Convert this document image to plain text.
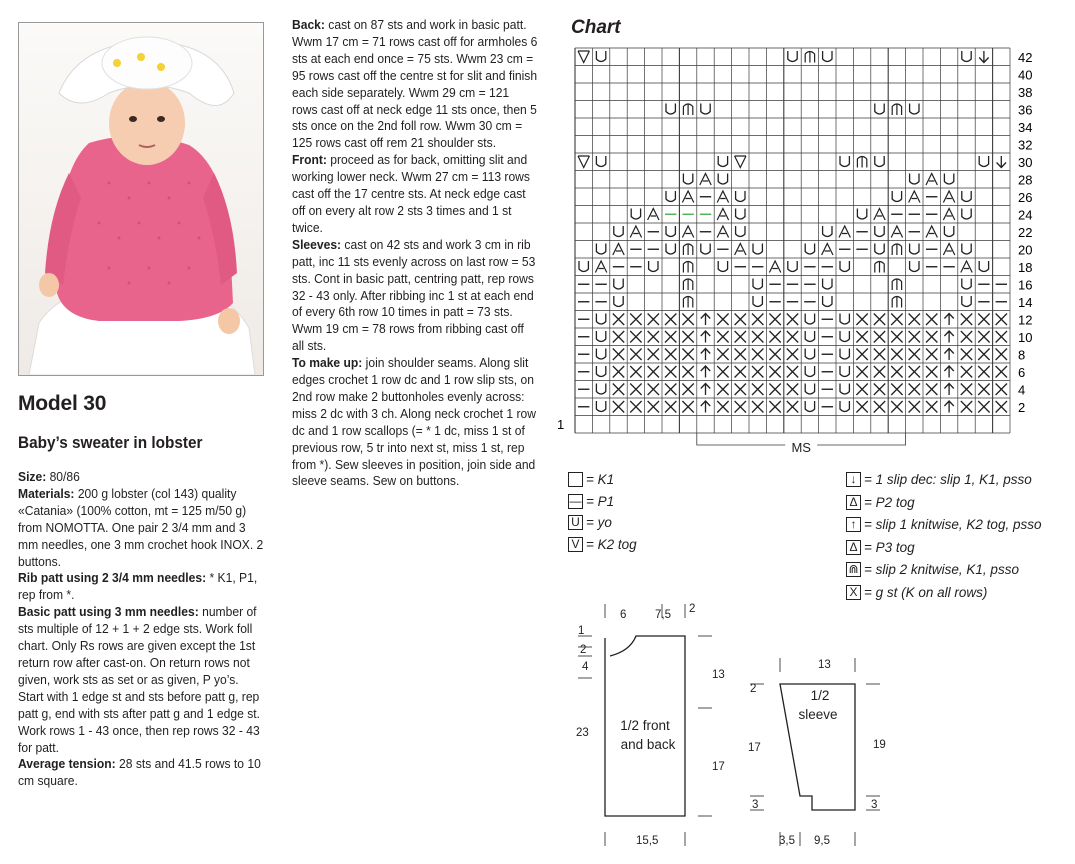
Model 30
Baby’s sweater in lobster

Size: 80/86

Materials: 200 g lobster (col 143) quality «Catania» (100% cotton, mt = 125 m/50 g) from NOMOTTA. One pair 2 3/4 mm and 3 mm needles, one 3 mm crochet hook INOX. 2 buttons.

Rib patt using 2 3/4 mm needles: * K1, P1, rep from *.

Basic patt using 3 mm needles: number of sts multiple of 12 + 1 + 2 edge sts. Work foll chart. Only Rs rows are given except the 1st return row after cast-on. On return rows not given, work sts as set or as given, P yo’s. Start with 1 edge st and sts before patt g, rep patt g, end with sts after patt g and 1 edge st. Work rows 1 - 43 once, then rep rows 32 - 43 for patt.

Average tension: 28 sts and 41.5 rows to 10 cm square.

Back: cast on 87 sts and work in basic patt. Wwm 17 cm = 71 rows cast off for armholes 6 sts at each end once = 75 sts. Wwm 23 cm = 95 rows cast off the centre st for slit and finish each side separately. Wwm 29 cm = 121 rows cast off at neck edge 11 sts once, then 5 sts once on the 2nd foll row. Wwm 30 cm = 125 rows cast off rem 21 shoulder sts.

Front: proceed as for back, omitting slit and working lower neck. Wwm 27 cm = 113 rows cast off the 17 centre sts. At neck edge cast off on every alt row 2 sts 3 times and 1 st twice.

Sleeves: cast on 42 sts and work 3 cm in rib patt, inc 11 sts evenly across on last row = 53 sts. Cont in basic patt, centring patt, rep rows 32 - 43 only. After ribbing inc 1 st at each end of every 6th row 10 times in patt = 73 sts. Wwm 19 cm = 78 rows from ribbing cast off all sts.

To make up: join shoulder seams. Along slit edges crochet 1 row dc and 1 row slip sts, on 2nd row make 2 buttonholes evenly across: miss 2 dc with 3 ch. Along neck crochet 1 row dc and 1 row scallops (= * 1 dc, miss 1 st of previous row, 5 tr into next st, miss 1 st, rep from *). Sew sleeves in position, join side and sleeve seams. Sew on buttons.

Chart
42
40
38
36
34
32
30
28
26
24
22
20
18
16
14
12
10
8
6
4
2
1
MS
= K1
— = P1
U = yo
V = K2 tog
↓ = 1 slip dec: slip 1, K1, psso
Δ = P2 tog
↑ = slip 1 knitwise, K2 tog, psso
Δ = P3 tog
⋒ = slip 2 knitwise, K1, psso
X = g st (K on all rows)
6 7,5 2
1
2
4
23
13
17
15,5
1/2 front
and back
13
2
17
3
19
3
3,5 9,5
1/2
sleeve
